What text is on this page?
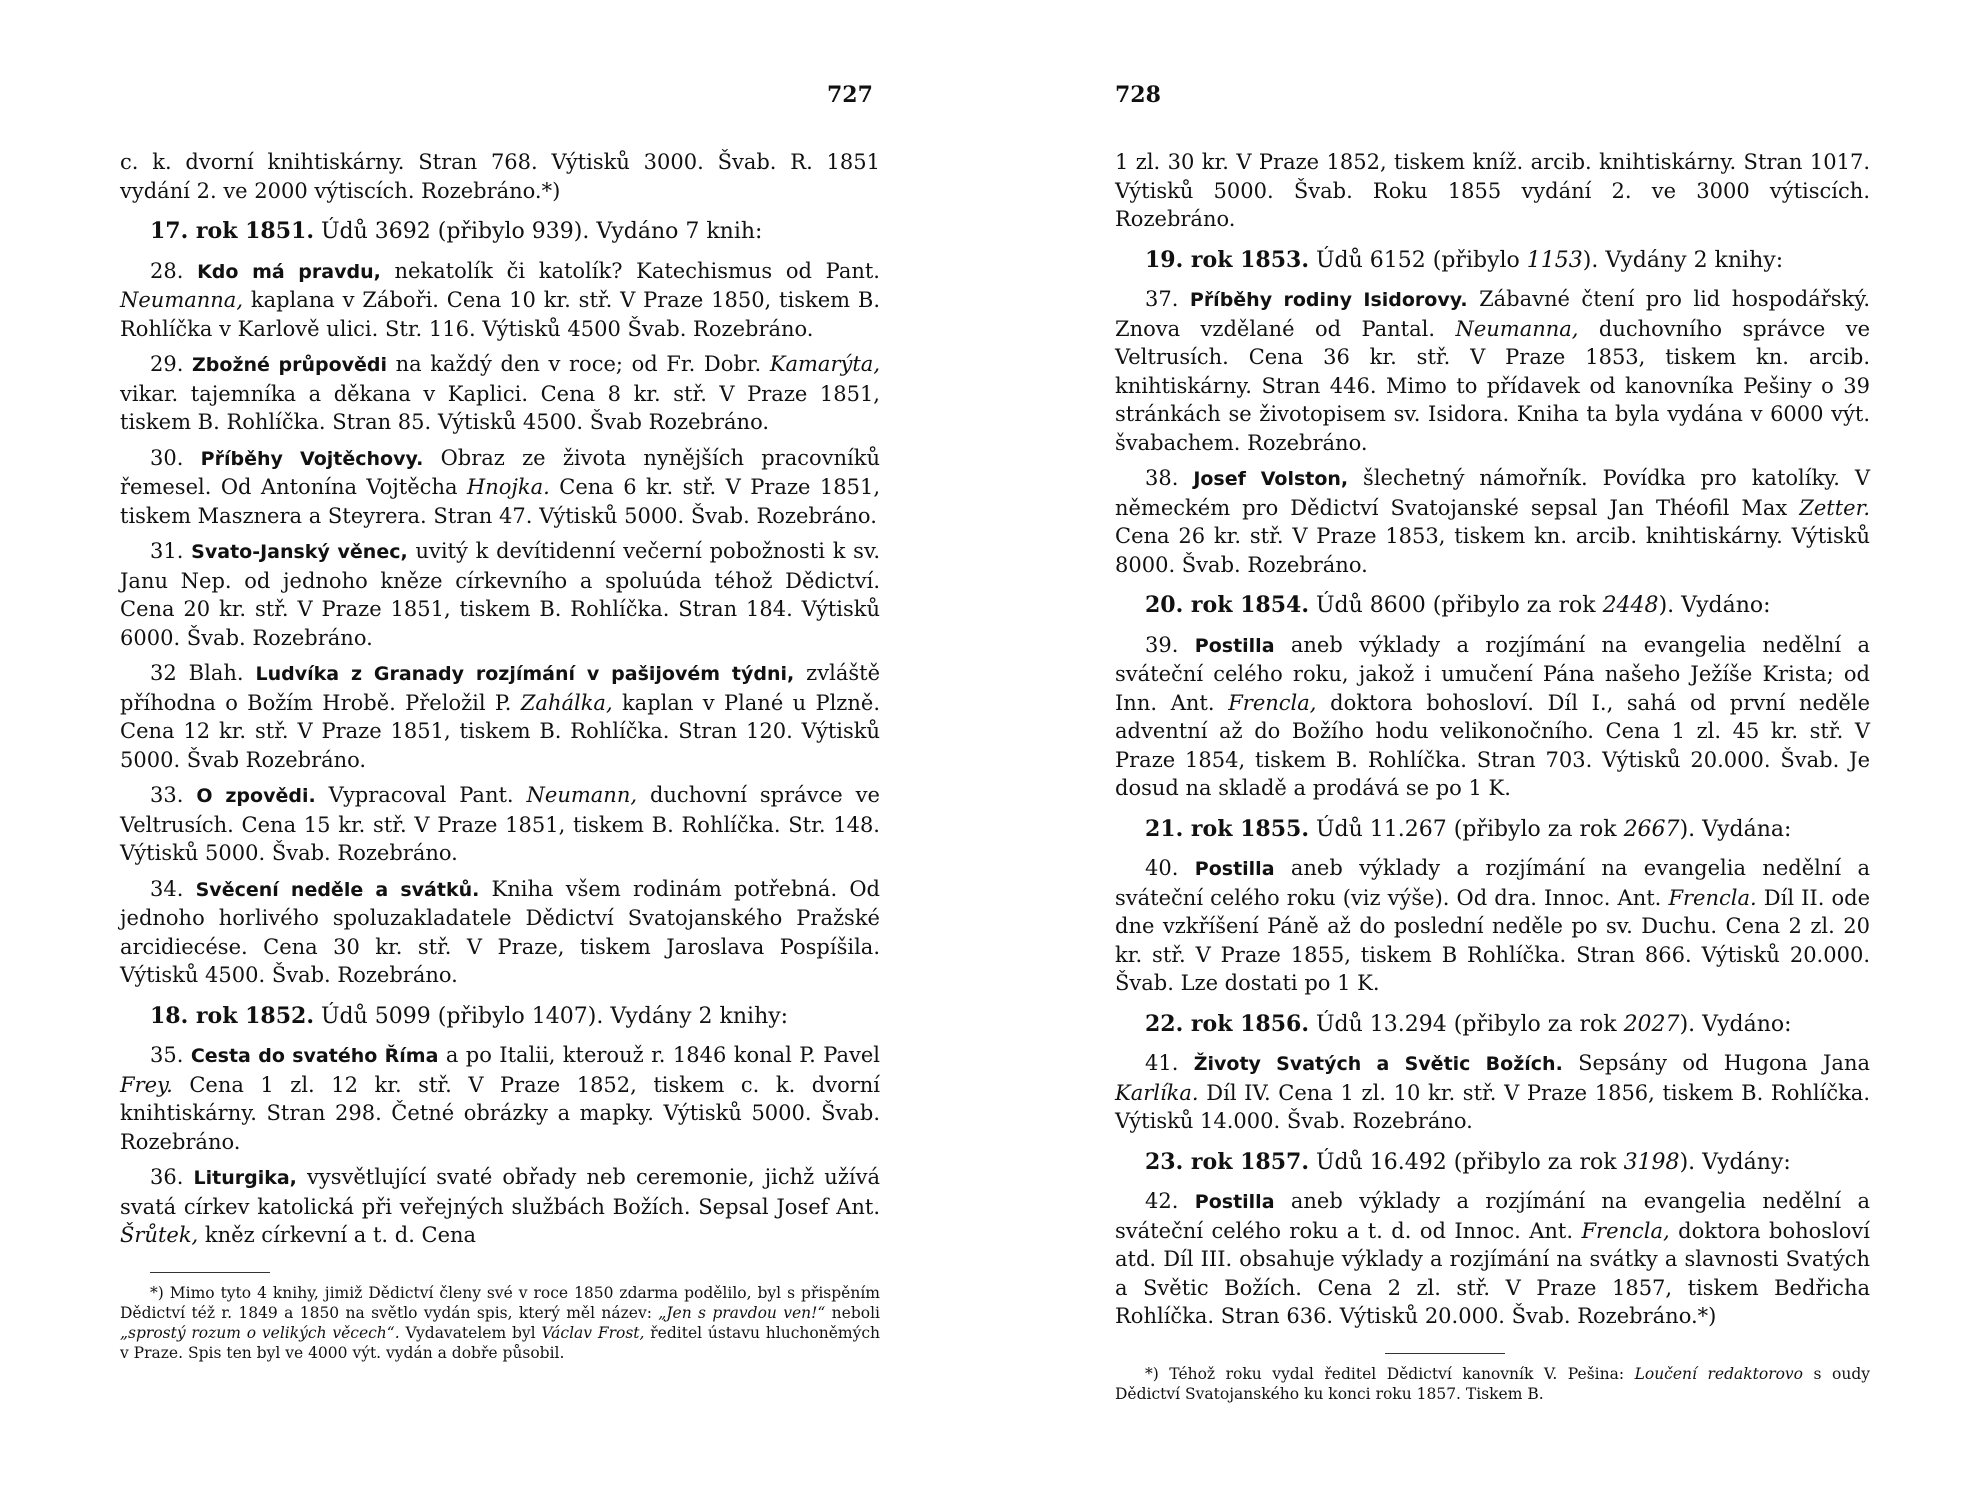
727

c. k. dvorní knihtiskárny. Stran 768. Výtisků 3000. Švab. R. 1851 vydání 2. ve 2000 výtiscích. Rozebráno.*)

17. rok 1851. Údů 3692 (přibylo 939). Vydáno 7 knih:

28. Kdo má pravdu, nekatolík či katolík? Katechismus od Pant. Neumanna, kaplana v Záboři. Cena 10 kr. stř. V Praze 1850, tiskem B. Rohlíčka v Karlově ulici. Str. 116. Výtisků 4500 Švab. Rozebráno.

29. Zbožné průpovědi na každý den v roce; od Fr. Dobr. Kamarýta, vikar. tajemníka a děkana v Kaplici. Cena 8 kr. stř. V Praze 1851, tiskem B. Rohlíčka. Stran 85. Výtisků 4500. Švab Rozebráno.

30. Příběhy Vojtěchovy. Obraz ze života nynějších pracovníků řemesel. Od Antonína Vojtěcha Hnojka. Cena 6 kr. stř. V Praze 1851, tiskem Masznera a Steyrera. Stran 47. Výtisků 5000. Švab. Rozebráno.

31. Svato-Janský věnec, uvitý k devítidenní večerní pobožnosti k sv. Janu Nep. od jednoho kněze církevního a spoluúda téhož Dědictví. Cena 20 kr. stř. V Praze 1851, tiskem B. Rohlíčka. Stran 184. Výtisků 6000. Švab. Rozebráno.

32 Blah. Ludvíka z Granady rozjímání v pašijovém týdni, zvláště příhodna o Božím Hrobě. Přeložil P. Zahálka, kaplan v Plané u Plzně. Cena 12 kr. stř. V Praze 1851, tiskem B. Rohlíčka. Stran 120. Výtisků 5000. Švab Rozebráno.

33. O zpovědi. Vypracoval Pant. Neumann, duchovní správce ve Veltrusích. Cena 15 kr. stř. V Praze 1851, tiskem B. Rohlíčka. Str. 148. Výtisků 5000. Švab. Rozebráno.

34. Svěcení neděle a svátků. Kniha všem rodinám potřebná. Od jednoho horlivého spoluzakladatele Dědictví Svatojanského Pražské arcidiecése. Cena 30 kr. stř. V Praze, tiskem Jaroslava Pospíšila. Výtisků 4500. Švab. Rozebráno.

18. rok 1852. Údů 5099 (přibylo 1407). Vydány 2 knihy:

35. Cesta do svatého Říma a po Italii, kterouž r. 1846 konal P. Pavel Frey. Cena 1 zl. 12 kr. stř. V Praze 1852, tiskem c. k. dvorní knihtiskárny. Stran 298. Četné obrázky a mapky. Výtisků 5000. Švab. Rozebráno.

36. Liturgika, vysvětlující svaté obřady neb ceremonie, jichž užívá svatá církev katolická při veřejných službách Božích. Sepsal Josef Ant. Šrůtek, kněz církevní a t. d. Cena

*) Mimo tyto 4 knihy, jimiž Dědictví členy své v roce 1850 zdarma podělilo, byl s přispěním Dědictví též r. 1849 a 1850 na světlo vydán spis, který měl název: „Jen s pravdou ven!“ neboli „sprostý rozum o velikých věcech“. Vydavatelem byl Václav Frost, ředitel ústavu hluchoněmých v Praze. Spis ten byl ve 4000 výt. vydán a dobře působil.

728

1 zl. 30 kr. V Praze 1852, tiskem kníž. arcib. knihtiskárny. Stran 1017. Výtisků 5000. Švab. Roku 1855 vydání 2. ve 3000 výtiscích. Rozebráno.

19. rok 1853. Údů 6152 (přibylo 1153). Vydány 2 knihy:

37. Příběhy rodiny Isidorovy. Zábavné čtení pro lid hospodářský. Znova vzdělané od Pantal. Neumanna, duchovního správce ve Veltrusích. Cena 36 kr. stř. V Praze 1853, tiskem kn. arcib. knihtiskárny. Stran 446. Mimo to přídavek od kanovníka Pešiny o 39 stránkách se životopisem sv. Isidora. Kniha ta byla vydána v 6000 výt. švabachem. Rozebráno.

38. Josef Volston, šlechetný námořník. Povídka pro katolíky. V německém pro Dědictví Svatojanské sepsal Jan Théofil Max Zetter. Cena 26 kr. stř. V Praze 1853, tiskem kn. arcib. knihtiskárny. Výtisků 8000. Švab. Rozebráno.

20. rok 1854. Údů 8600 (přibylo za rok 2448). Vydáno:

39. Postilla aneb výklady a rozjímání na evangelia nedělní a sváteční celého roku, jakož i umučení Pána našeho Ježíše Krista; od Inn. Ant. Frencla, doktora bohosloví. Díl I., sahá od první neděle adventní až do Božího hodu velikonočního. Cena 1 zl. 45 kr. stř. V Praze 1854, tiskem B. Rohlíčka. Stran 703. Výtisků 20.000. Švab. Je dosud na skladě a prodává se po 1 K.

21. rok 1855. Údů 11.267 (přibylo za rok 2667). Vydána:

40. Postilla aneb výklady a rozjímání na evangelia nedělní a sváteční celého roku (viz výše). Od dra. Innoc. Ant. Frencla. Díl II. ode dne vzkříšení Páně až do poslední neděle po sv. Duchu. Cena 2 zl. 20 kr. stř. V Praze 1855, tiskem B Rohlíčka. Stran 866. Výtisků 20.000. Švab. Lze dostati po 1 K.

22. rok 1856. Údů 13.294 (přibylo za rok 2027). Vydáno:

41. Životy Svatých a Světic Božích. Sepsány od Hugona Jana Karlíka. Díl IV. Cena 1 zl. 10 kr. stř. V Praze 1856, tiskem B. Rohlíčka. Výtisků 14.000. Švab. Rozebráno.

23. rok 1857. Údů 16.492 (přibylo za rok 3198). Vydány:

42. Postilla aneb výklady a rozjímání na evangelia nedělní a sváteční celého roku a t. d. od Innoc. Ant. Frencla, doktora bohosloví atd. Díl III. obsahuje výklady a rozjímání na svátky a slavnosti Svatých a Světic Božích. Cena 2 zl. stř. V Praze 1857, tiskem Bedřicha Rohlíčka. Stran 636. Výtisků 20.000. Švab. Rozebráno.*)

*) Téhož roku vydal ředitel Dědictví kanovník V. Pešina: Loučení redaktorovo s oudy Dědictví Svatojanského ku konci roku 1857. Tiskem B.
